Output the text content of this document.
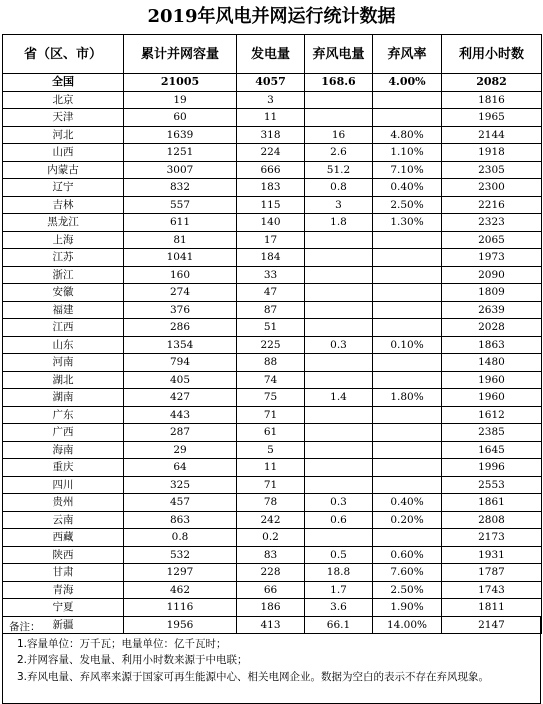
2019年风电并网运行统计数据
省（区、市）	累计并网容量	发电量	弃风电量	弃风率	利用小时数
全国	21005	4057	168.6	4.00%	2082
北京	19	3			1816
天津	60	11			1965
河北	1639	318	16	4.80%	2144
山西	1251	224	2.6	1.10%	1918
内蒙古	3007	666	51.2	7.10%	2305
辽宁	832	183	0.8	0.40%	2300
吉林	557	115	3	2.50%	2216
黑龙江	611	140	1.8	1.30%	2323
上海	81	17			2065
江苏	1041	184			1973
浙江	160	33			2090
安徽	274	47			1809
福建	376	87			2639
江西	286	51			2028
山东	1354	225	0.3	0.10%	1863
河南	794	88			1480
湖北	405	74			1960
湖南	427	75	1.4	1.80%	1960
广东	443	71			1612
广西	287	61			2385
海南	29	5			1645
重庆	64	11			1996
四川	325	71			2553
贵州	457	78	0.3	0.40%	1861
云南	863	242	0.6	0.20%	2808
西藏	0.8	0.2			2173
陕西	532	83	0.5	0.60%	1931
甘肃	1297	228	18.8	7.60%	1787
青海	462	66	1.7	2.50%	1743
宁夏	1116	186	3.6	1.90%	1811
新疆	1956	413	66.1	14.00%	2147
备注：
1.容量单位：万千瓦；电量单位：亿千瓦时；
2.并网容量、发电量、利用小时数来源于中电联；
3.弃风电量、弃风率来源于国家可再生能源中心、相关电网企业。数据为空白的表示不存在弃风现象。
